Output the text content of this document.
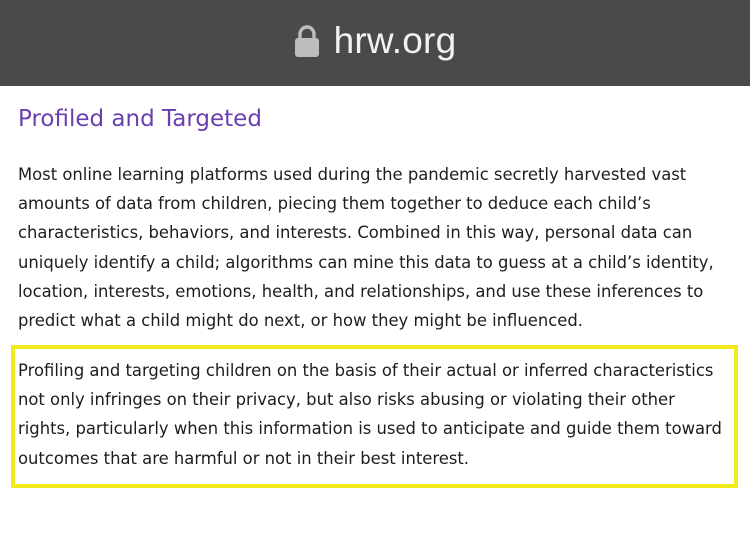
hrw.org
Profiled and Targeted

Most online learning platforms used during the pandemic secretly harvested vast amounts of data from children, piecing them together to deduce each child’s characteristics, behaviors, and interests. Combined in this way, personal data can uniquely identify a child; algorithms can mine this data to guess at a child’s identity, location, interests, emotions, health, and relationships, and use these inferences to predict what a child might do next, or how they might be influenced.

Profiling and targeting children on the basis of their actual or inferred characteristics not only infringes on their privacy, but also risks abusing or violating their other rights, particularly when this information is used to anticipate and guide them toward outcomes that are harmful or not in their best interest.
